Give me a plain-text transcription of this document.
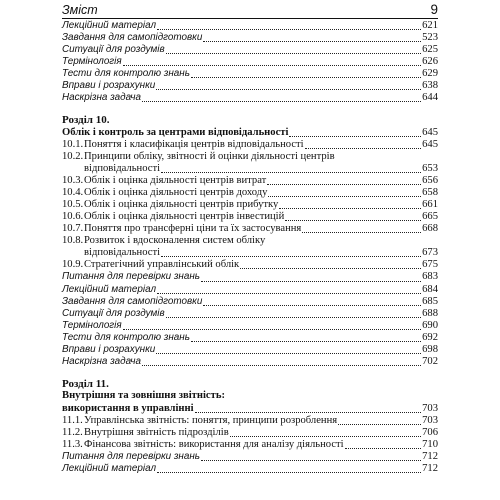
Зміст	9
Лекційний матеріал	621
Завдання для самопідготовки	523
Ситуації для роздумів	625
Термінологія	626
Тести для контролю знань	629
Вправи і розрахунки	638
Наскрізна задача	644
Розділ 10.
Облік і контроль за центрами відповідальності	645
10.1. Поняття і класифікація центрів відповідальності	645
10.2. Принципи обліку, звітності й оцінки діяльності центрів
відповідальності	653
10.3. Облік і оцінка діяльності центрів витрат	656
10.4. Облік і оцінка діяльності центрів доходу	658
10.5. Облік і оцінка діяльності центрів прибутку	661
10.6. Облік і оцінка діяльності центрів інвестицій	665
10.7. Поняття про трансферні ціни та їх застосування	668
10.8. Розвиток і вдосконалення систем обліку
відповідальності	673
10.9. Стратегічний управлінський облік	675
Питання для перевірки знань	683
Лекційний матеріал	684
Завдання для самопідготовки	685
Ситуації для роздумів	688
Термінологія	690
Тести для контролю знань	692
Вправи і розрахунки	698
Наскрізна задача	702
Розділ 11.
Внутрішня та зовнішня звітність:
використання в управлінні	703
11.1. Управлінська звітність: поняття, принципи розроблення	703
11.2. Внутрішня звітність підрозділів	706
11.3. Фінансова звітність: використання для аналізу діяльності	710
Питання для перевірки знань	712
Лекційний матеріал	712
